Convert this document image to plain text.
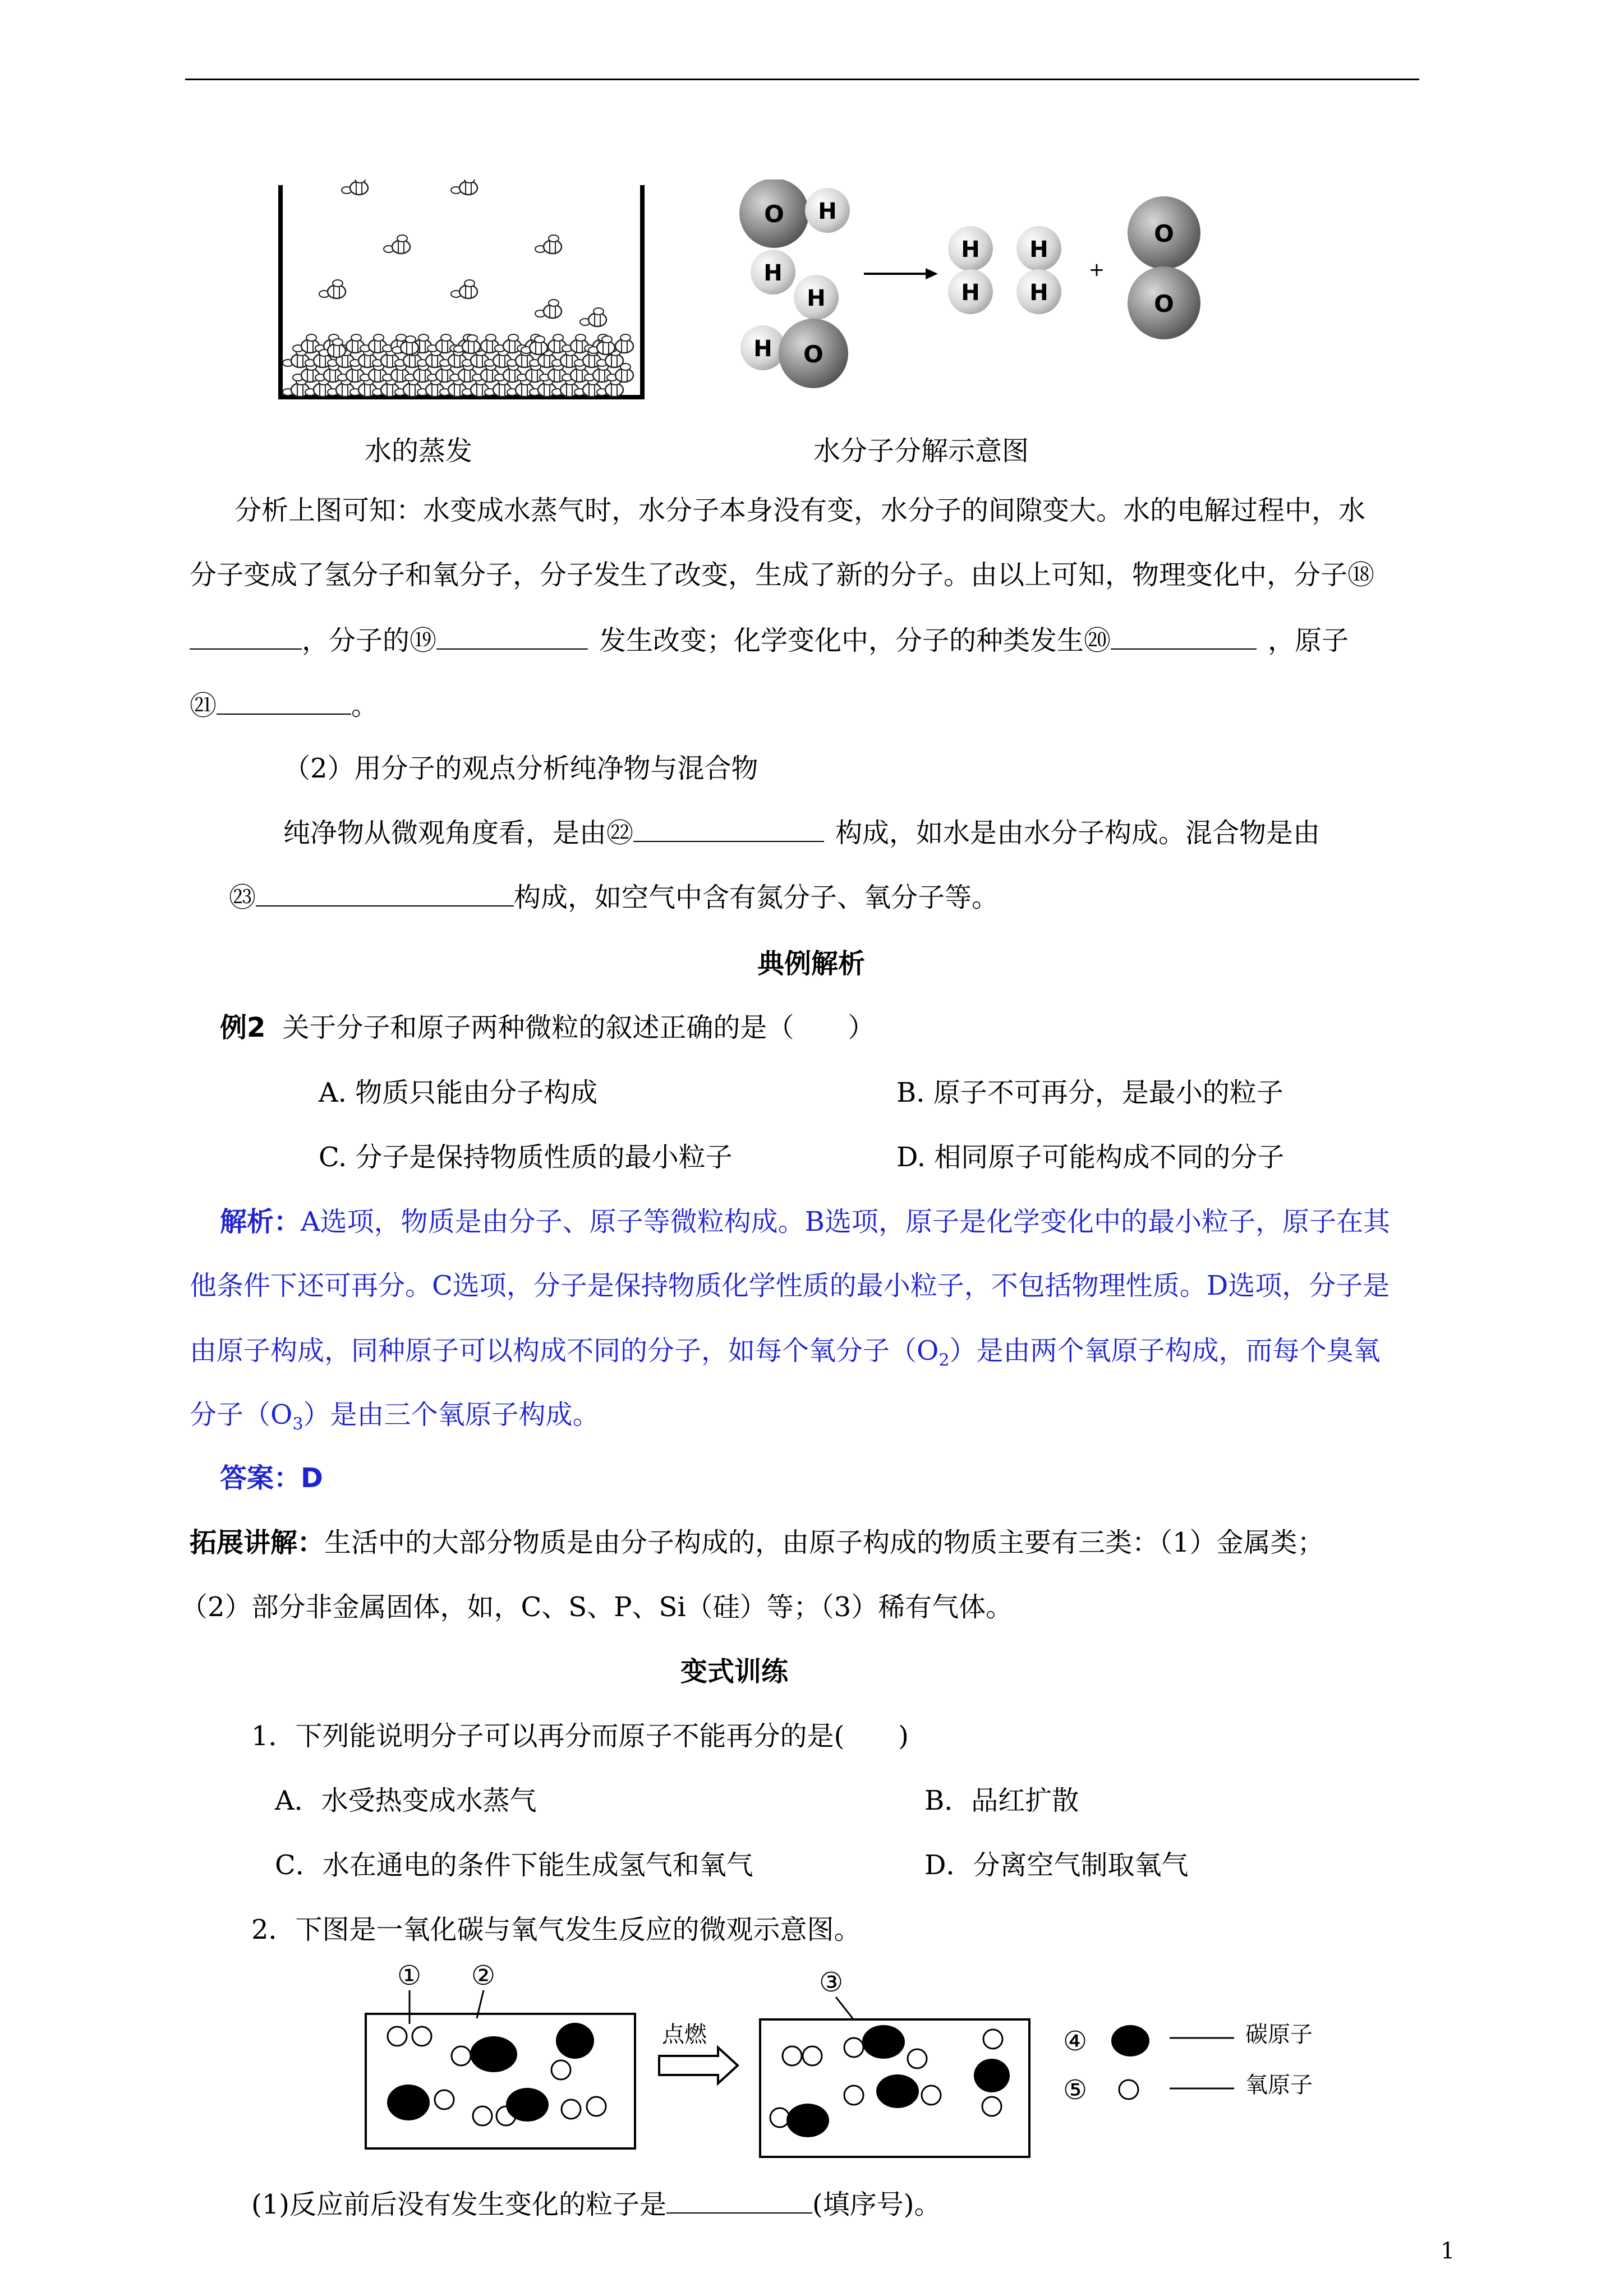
O H
H
H
H O
H
H
H
H
+
O
O
水的蒸发	水分子分解示意图
分析上图可知：水变成水蒸气时，水分子本身没有变，水分子的间隙变大。水的电解过程中，水
分子变成了氢分子和氧分子，分子发生了改变，生成了新的分子。由以上可知，物理变化中，分子⑱
，分子的⑲	发生改变；化学变化中，分子的种类发生⑳	，原子
㉑	。
（2）用分子的观点分析纯净物与混合物
纯净物从微观角度看，是由㉒	构成，如水是由水分子构成。混合物是由
㉓	构成，如空气中含有氮分子、氧分子等。
典例解析
例2 关于分子和原子两种微粒的叙述正确的是（　　）
A. 物质只能由分子构成	B. 原子不可再分，是最小的粒子
C. 分子是保持物质性质的最小粒子	D. 相同原子可能构成不同的分子
解析：A选项，物质是由分子、原子等微粒构成。B选项，原子是化学变化中的最小粒子，原子在其
他条件下还可再分。C选项，分子是保持物质化学性质的最小粒子，不包括物理性质。D选项，分子是
由原子构成，同种原子可以构成不同的分子，如每个氧分子$(O_2)$是由两个氧原子构成，而每个臭氧
分子$(O_3)$是由三个氧原子构成。
答案：D
拓展讲解：生活中的大部分物质是由分子构成的，由原子构成的物质主要有三类：（1）金属类；
（2）部分非金属固体，如，C、S、P、Si（硅）等；（3）稀有气体。
变式训练
1．下列能说明分子可以再分而原子不能再分的是(　　)
A．水受热变成水蒸气	B．品红扩散
C．水在通电的条件下能生成氢气和氧气	D．分离空气制取氧气
2．下图是一氧化碳与氧气发生反应的微观示意图。
① ②	③
④
⑤
碳原子
氧原子
点燃
(1)反应前后没有发生变化的粒子是	(填序号)。
1
